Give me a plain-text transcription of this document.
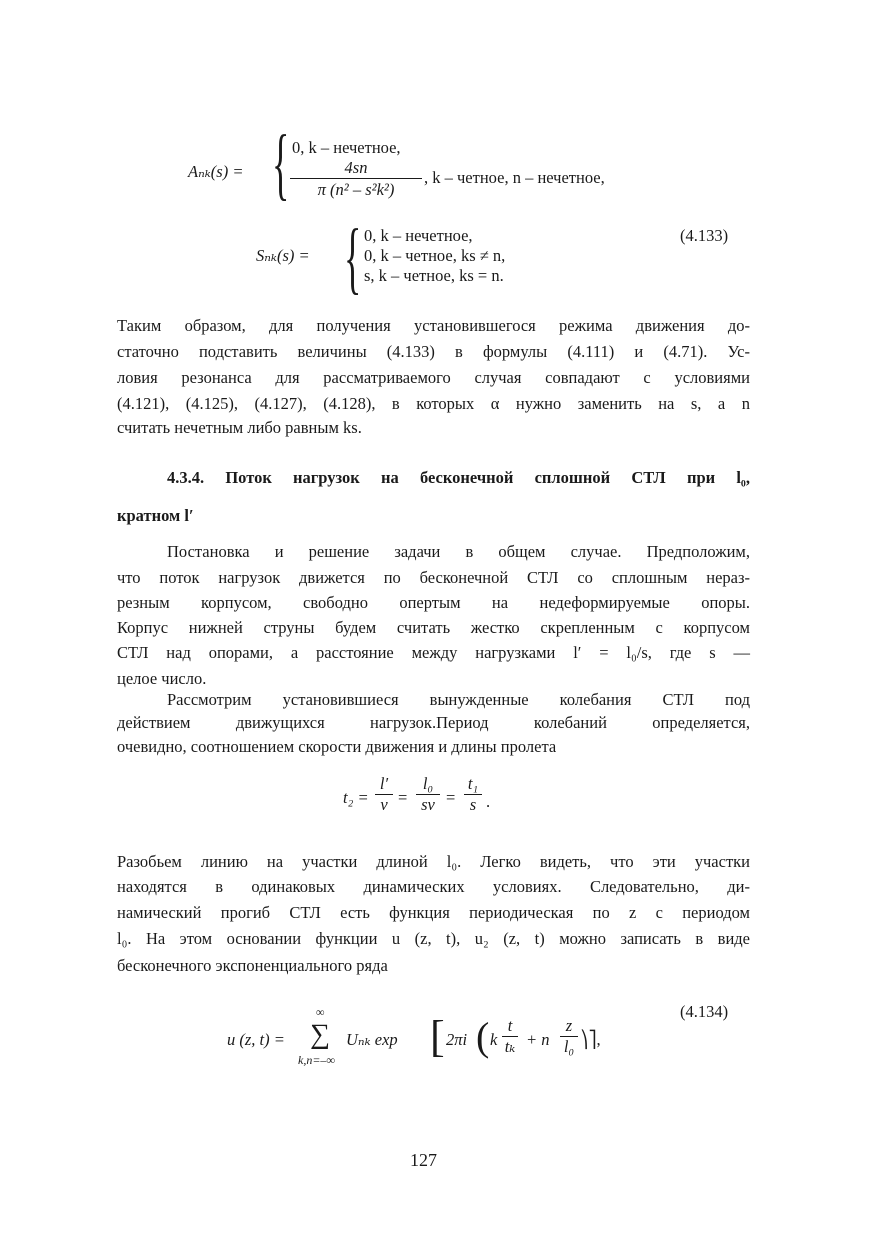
Aₙₖ(s) = { 0, k – нечетное,
$\frac{4sn}{\text{π (n² – s²k²)}}$ , k – четное, n – нечетное,
Sₙₖ(s) = { 0, k – нечетное,
0, k – четное, ks ≠ n,
s, k – четное, ks = n.
(4.133)
Таким образом, для получения установившегося режима движения до-
статочно подставить величины (4.133) в формулы (4.111) и (4.71). Ус-
ловия резонанса для рассматриваемого случая совпадают с условиями
(4.121), (4.125), (4.127), (4.128), в которых α нужно заменить на s, а n
считать нечетным либо равным ks.
4.3.4. Поток нагрузок на бесконечной сплошной СТЛ при l₀,
кратном l′
Постановка и решение задачи в общем случае. Предположим,
что поток нагрузок движется по бесконечной СТЛ со сплошным нераз-
резным корпусом, свободно опертым на недеформируемые опоры.
Корпус нижней струны будем считать жестко скрепленным с корпусом
СТЛ над опорами, а расстояние между нагрузками l′ = l₀/s, где s —
целое число.
Рассмотрим установившиеся вынужденные колебания СТЛ под
действием движущихся нагрузок.Период колебаний определяется,
очевидно, соотношением скорости движения и длины пролета
$t_2 = \frac{l'}{v} = \frac{\text{l₀}}{sv} = \frac{\text{t₁}}{s}$ .
Разобьем линию на участки длиной l₀. Легко видеть, что эти участки
находятся в одинаковых динамических условиях. Следовательно, ди-
намический прогиб СТЛ есть функция периодическая по z с периодом
l₀. На этом основании функции u (z, t), u₂ (z, t) можно записать в виде
бесконечного экспоненциального ряда
u (z, t) =
∞
∑
k,n=–∞
Uₙₖ exp [ 2πi ( k $\frac{t}{\text{tₖ}} + n \frac{z}{\text{l₀}}$ ⎞⎤,
(4.134)
127
